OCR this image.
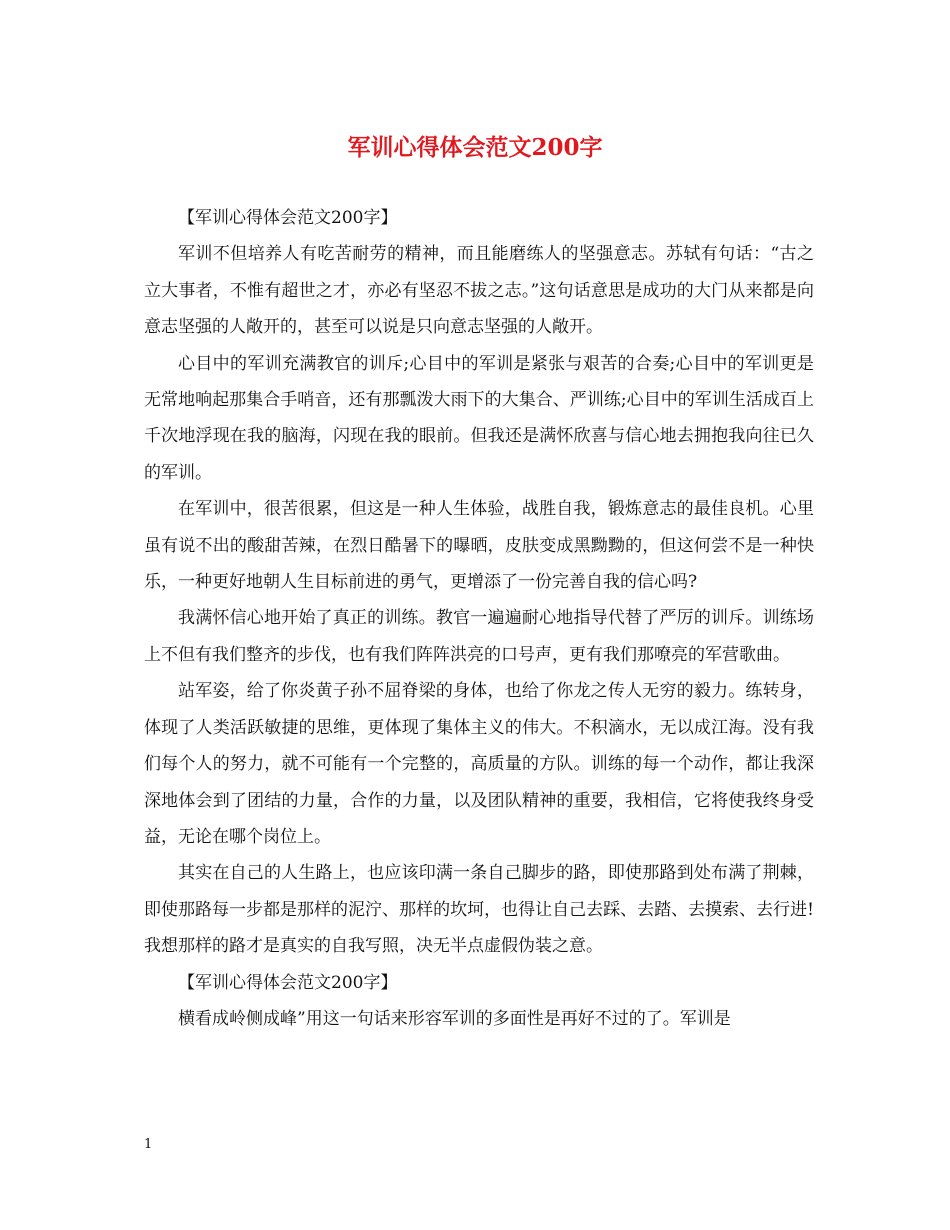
军训心得体会范文200字

【军训心得体会范文200字】

军训不但培养人有吃苦耐劳的精神，而且能磨练人的坚强意志。苏轼有句话：“古之立大事者，不惟有超世之才，亦必有坚忍不拔之志。”这句话意思是成功的大门从来都是向意志坚强的人敞开的，甚至可以说是只向意志坚强的人敞开。

心目中的军训充满教官的训斥;心目中的军训是紧张与艰苦的合奏;心目中的军训更是无常地响起那集合手哨音，还有那瓢泼大雨下的大集合、严训练;心目中的军训生活成百上千次地浮现在我的脑海，闪现在我的眼前。但我还是满怀欣喜与信心地去拥抱我向往已久的军训。

在军训中，很苦很累，但这是一种人生体验，战胜自我，锻炼意志的最佳良机。心里虽有说不出的酸甜苦辣，在烈日酷暑下的曝晒，皮肤变成黑黝黝的，但这何尝不是一种快乐，一种更好地朝人生目标前进的勇气，更增添了一份完善自我的信心吗?

我满怀信心地开始了真正的训练。教官一遍遍耐心地指导代替了严厉的训斥。训练场上不但有我们整齐的步伐，也有我们阵阵洪亮的口号声，更有我们那嘹亮的军营歌曲。

站军姿，给了你炎黄子孙不屈脊梁的身体，也给了你龙之传人无穷的毅力。练转身，体现了人类活跃敏捷的思维，更体现了集体主义的伟大。不积滴水，无以成江海。没有我们每个人的努力，就不可能有一个完整的，高质量的方队。训练的每一个动作，都让我深深地体会到了团结的力量，合作的力量，以及团队精神的重要，我相信，它将使我终身受益，无论在哪个岗位上。

其实在自己的人生路上，也应该印满一条自己脚步的路，即使那路到处布满了荆棘，即使那路每一步都是那样的泥泞、那样的坎坷，也得让自己去踩、去踏、去摸索、去行进!我想那样的路才是真实的自我写照，决无半点虚假伪装之意。

【军训心得体会范文200字】

横看成岭侧成峰”用这一句话来形容军训的多面性是再好不过的了。军训是

1
